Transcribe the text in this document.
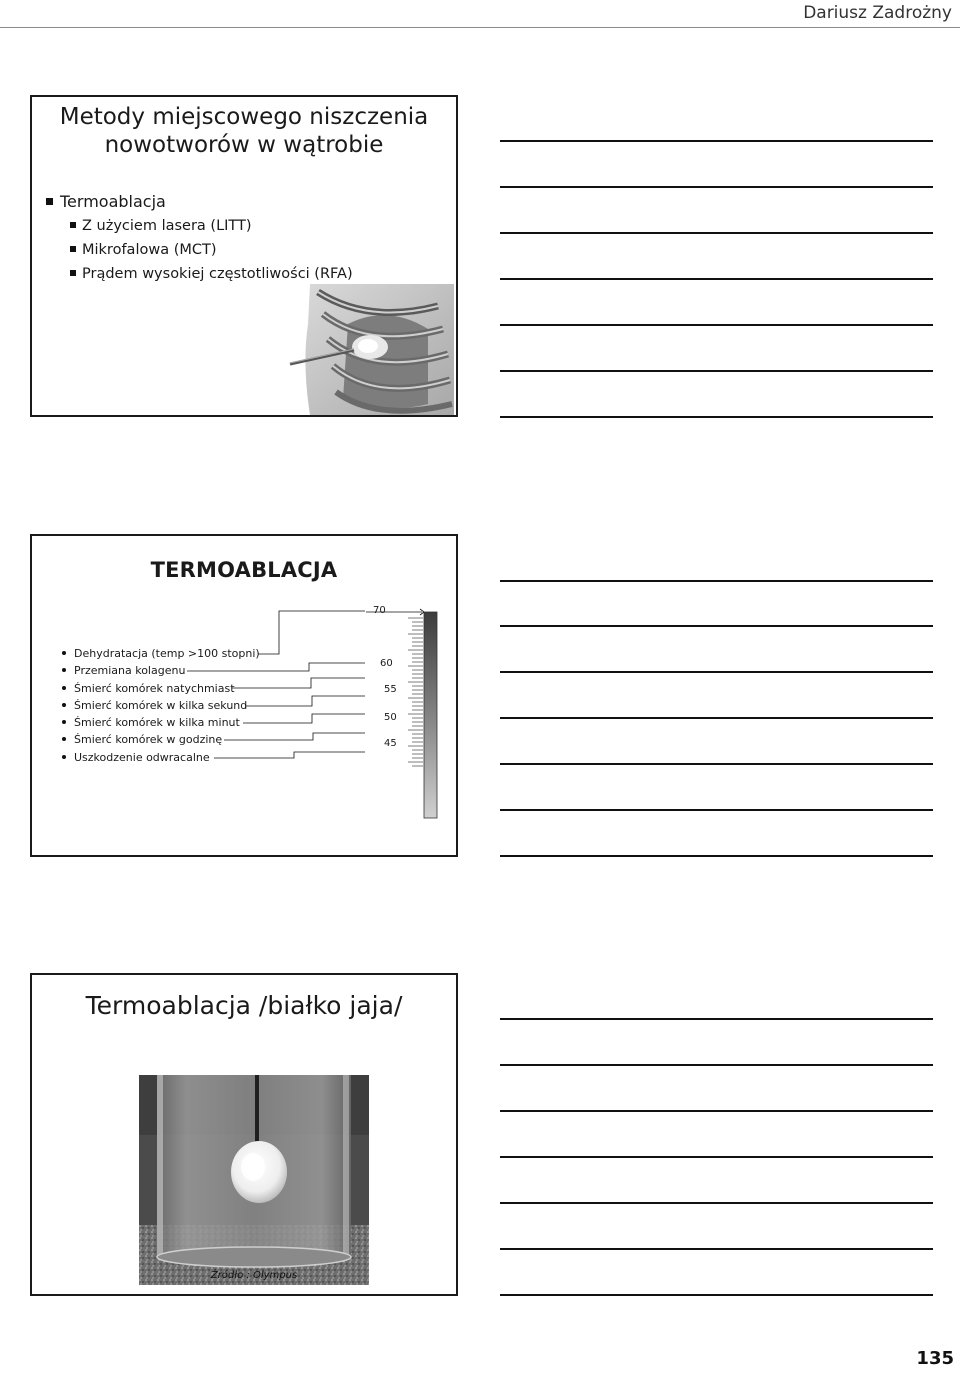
Dariusz Zadrożny
Metody miejscowego niszczenia
nowotworów w wątrobie
Termoablacja
Z użyciem lasera (LITT)
Mikrofalowa (MCT)
Prądem wysokiej częstotliwości (RFA)
TERMOABLACJA
Dehydratacja (temp >100 stopni)
Przemiana kolagenu
Śmierć komórek natychmiast
Śmierć komórek w kilka sekund
Śmierć komórek w kilka minut
Śmierć komórek w godzinę
Uszkodzenie odwracalne
70
60
55
50
45
Termoablacja /białko jaja/
Źródło : Olympus
135
